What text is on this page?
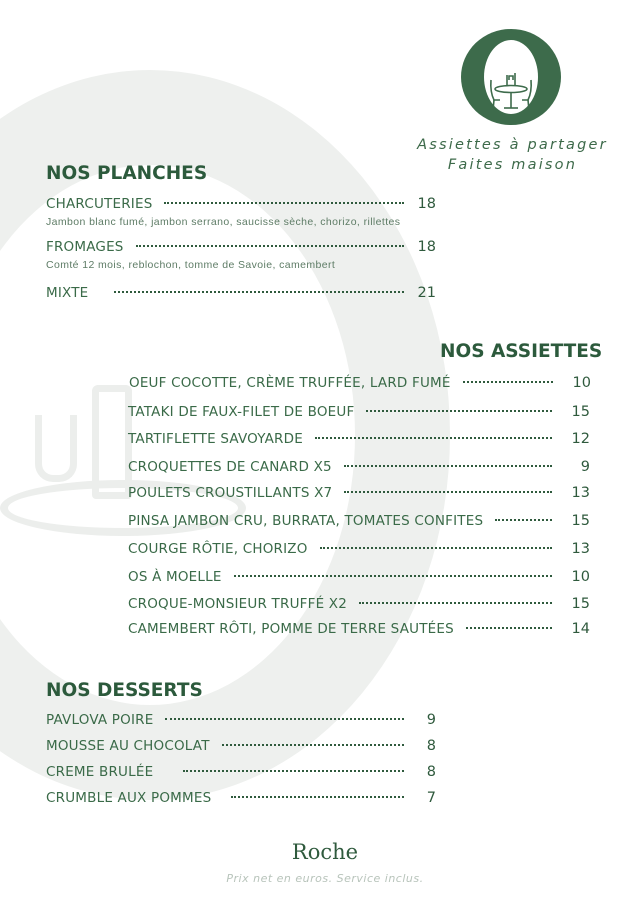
Assiettes à partager
Faites maison
NOS PLANCHES
CHARCUTERIES	18
Jambon blanc fumé, jambon serrano, saucisse sèche, chorizo, rillettes
FROMAGES	18
Comté 12 mois, reblochon, tomme de Savoie, camembert
MIXTE	21
NOS ASSIETTES
OEUF COCOTTE, CRÈME TRUFFÉE, LARD FUMÉ	10
TATAKI DE FAUX-FILET DE BOEUF	15
TARTIFLETTE SAVOYARDE	12
CROQUETTES DE CANARD X5	9
POULETS CROUSTILLANTS X7	13
PINSA JAMBON CRU, BURRATA, TOMATES CONFITES	15
COURGE RÔTIE, CHORIZO	13
OS À MOELLE	10
CROQUE-MONSIEUR TRUFFÉ X2	15
CAMEMBERT RÔTI, POMME DE TERRE SAUTÉES	14
NOS DESSERTS
PAVLOVA POIRE	9
MOUSSE AU CHOCOLAT	8
CREME BRULÉE	8
CRUMBLE AUX POMMES	7
Roche
Prix net en euros. Service inclus.
